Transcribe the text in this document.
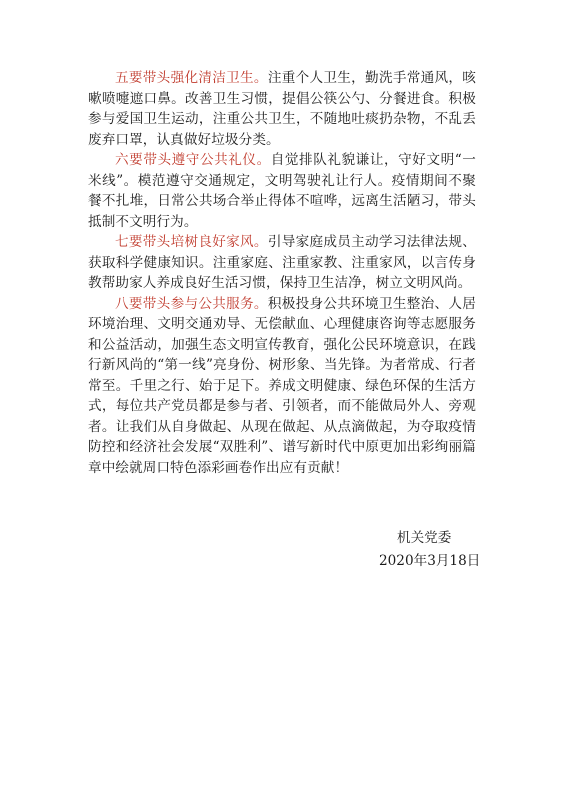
五要带头强化清洁卫生。注重个人卫生，勤洗手常通风，咳嗽喷嚏遮口鼻。改善卫生习惯，提倡公筷公勺、分餐进食。积极参与爱国卫生运动，注重公共卫生，不随地吐痰扔杂物，不乱丢废弃口罩，认真做好垃圾分类。

六要带头遵守公共礼仪。自觉排队礼貌谦让，守好文明“一米线”。模范遵守交通规定，文明驾驶礼让行人。疫情期间不聚餐不扎堆，日常公共场合举止得体不喧哗，远离生活陋习，带头抵制不文明行为。

七要带头培树良好家风。引导家庭成员主动学习法律法规、获取科学健康知识。注重家庭、注重家教、注重家风，以言传身教帮助家人养成良好生活习惯，保持卫生洁净，树立文明风尚。

八要带头参与公共服务。积极投身公共环境卫生整治、人居环境治理、文明交通劝导、无偿献血、心理健康咨询等志愿服务和公益活动，加强生态文明宣传教育，强化公民环境意识，在践行新风尚的“第一线”亮身份、树形象、当先锋。为者常成、行者常至。千里之行、始于足下。养成文明健康、绿色环保的生活方式，每位共产党员都是参与者、引领者，而不能做局外人、旁观者。让我们从自身做起、从现在做起、从点滴做起，为夺取疫情防控和经济社会发展“双胜利”、谱写新时代中原更加出彩绚丽篇章中绘就周口特色添彩画卷作出应有贡献！

机关党委
2020年3月18日
